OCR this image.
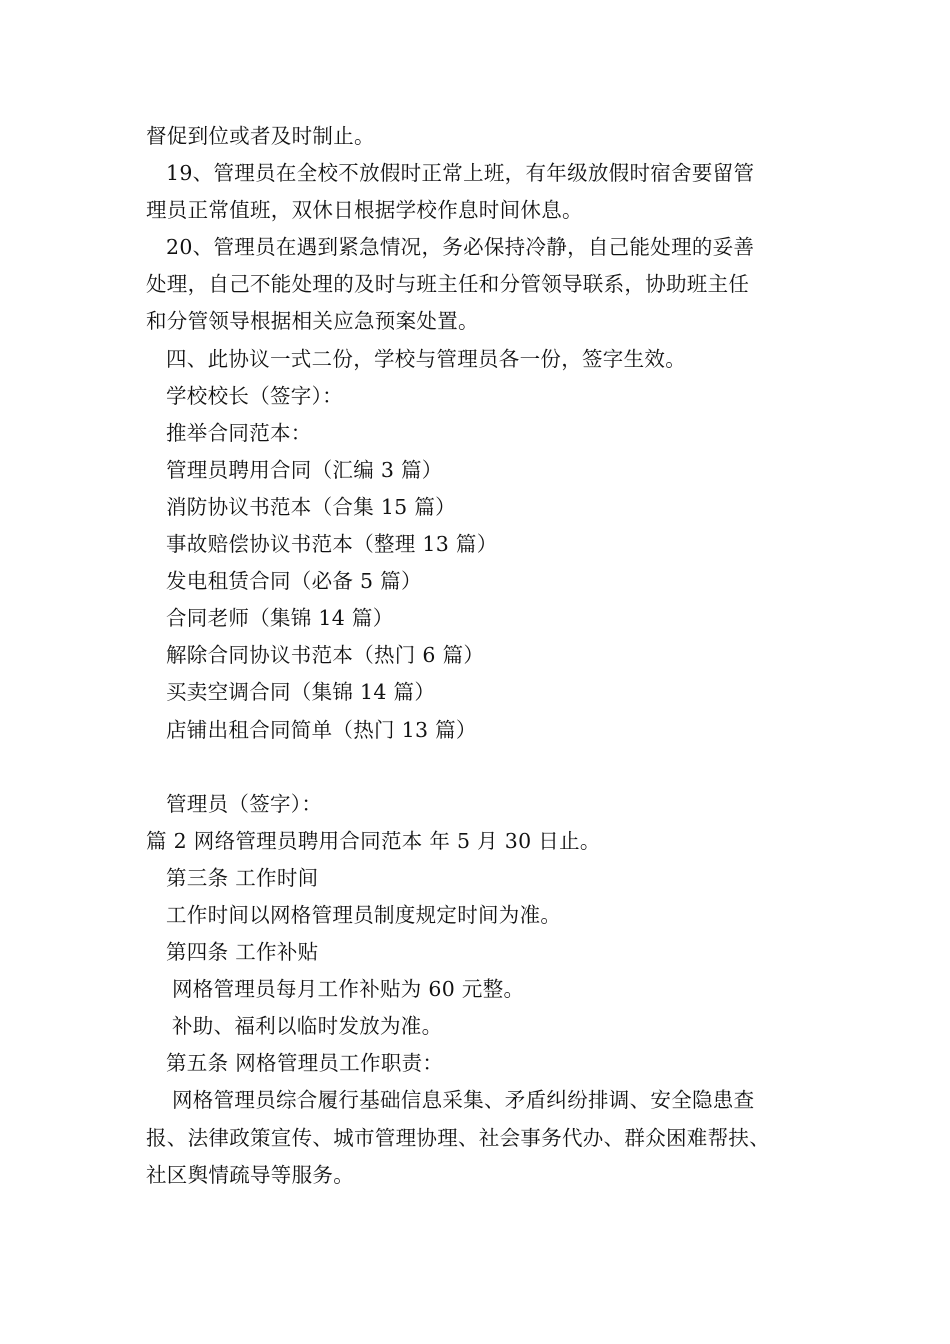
督促到位或者及时制止。
19、管理员在全校不放假时正常上班，有年级放假时宿舍要留管
理员正常值班，双休日根据学校作息时间休息。
20、管理员在遇到紧急情况，务必保持冷静，自己能处理的妥善
处理，自己不能处理的及时与班主任和分管领导联系，协助班主任
和分管领导根据相关应急预案处置。
四、此协议一式二份，学校与管理员各一份，签字生效。
学校校长（签字）：
推举合同范本：
管理员聘用合同（汇编 3 篇）
消防协议书范本（合集 15 篇）
事故赔偿协议书范本（整理 13 篇）
发电租赁合同（必备 5 篇）
合同老师（集锦 14 篇）
解除合同协议书范本（热门 6 篇）
买卖空调合同（集锦 14 篇）
店铺出租合同简单（热门 13 篇）
管理员（签字）：
篇 2 网络管理员聘用合同范本 年 5 月 30 日止。
第三条 工作时间
工作时间以网格管理员制度规定时间为准。
第四条 工作补贴
网格管理员每月工作补贴为 60 元整。
补助、福利以临时发放为准。
第五条 网格管理员工作职责：
网格管理员综合履行基础信息采集、矛盾纠纷排调、安全隐患查
报、法律政策宣传、城市管理协理、社会事务代办、群众困难帮扶、
社区舆情疏导等服务。
